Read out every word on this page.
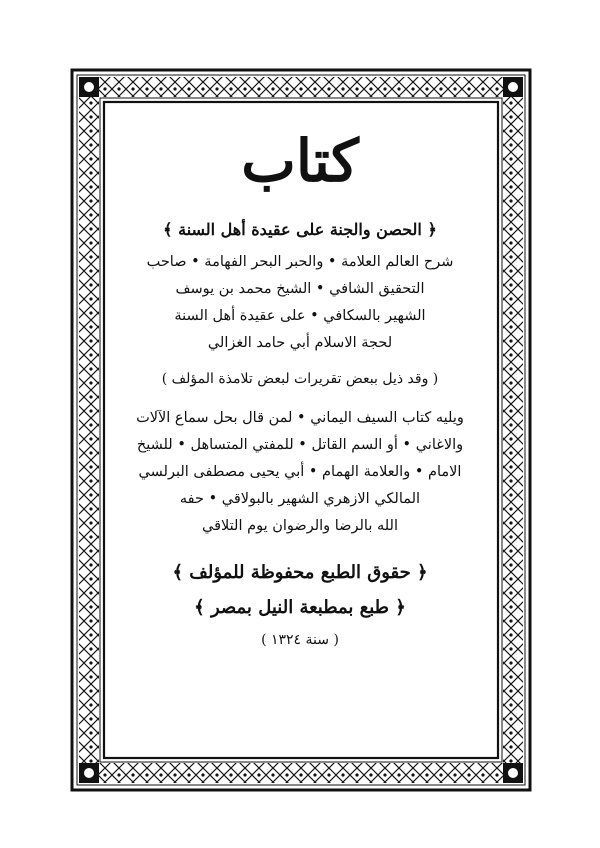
كتاب
﴿ الحصن والجنة على عقيدة أهل السنة ﴾
شرح العالم العلامة • والحبر البحر الفهامة • صاحب
التحقيق الشافي • الشيخ محمد بن يوسف
الشهير بالسكافي • على عقيدة أهل السنة
لحجة الاسلام أبي حامد الغزالي
( وقد ذيل ببعض تقريرات لبعض تلامذة المؤلف )
ويليه كتاب السيف اليماني • لمن قال بحل سماع الآلات
والاغاني • أو السم القاتل • للمفتي المتساهل • للشيخ
الامام • والعلامة الهمام • أبي يحيى مصطفى البرلسي
المالكي الازهري الشهير بالبولاقي • حفه
الله بالرضا والرضوان يوم التلاقي
﴿ حقوق الطبع محفوظة للمؤلف ﴾
﴿ طبع بمطبعة النيل بمصر ﴾
( سنة ١٣٢٤ )
